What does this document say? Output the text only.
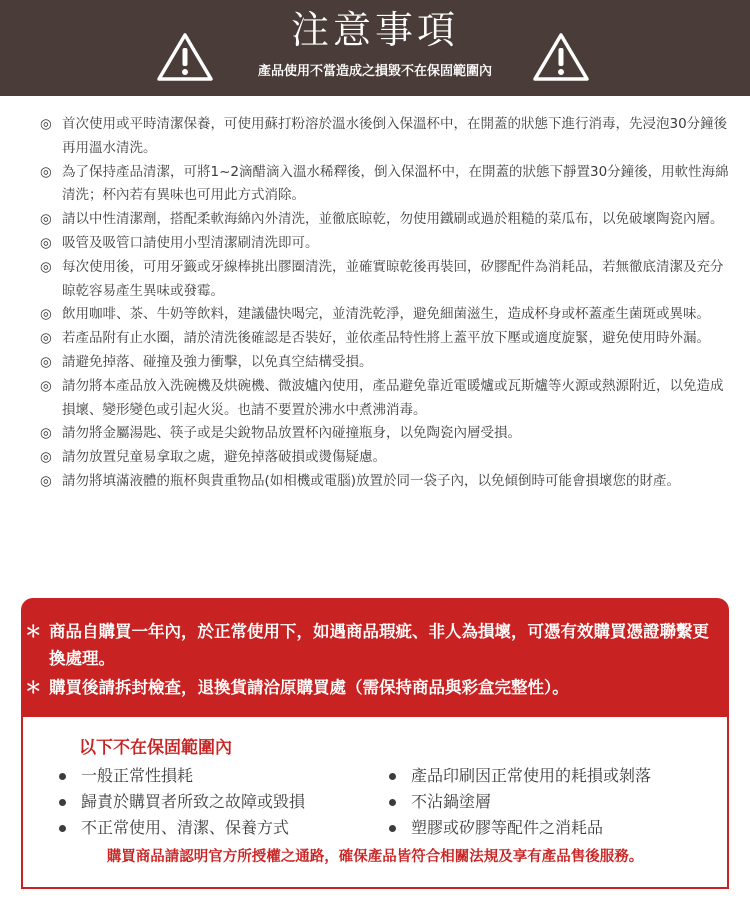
注意事項
產品使用不當造成之損毀不在保固範圍內
◎ 首次使用或平時清潔保養，可使用蘇打粉溶於溫水後倒入保溫杯中，在開蓋的狀態下進行消毒，先浸泡30分鐘後再用溫水清洗。
◎ 為了保持產品清潔，可將1~2滴醋滴入溫水稀釋後，倒入保溫杯中，在開蓋的狀態下靜置30分鐘後，用軟性海綿清洗；杯內若有異味也可用此方式消除。
◎ 請以中性清潔劑，搭配柔軟海綿內外清洗，並徹底晾乾，勿使用鐵刷或過於粗糙的菜瓜布，以免破壞陶瓷內層。
◎ 吸管及吸管口請使用小型清潔刷清洗即可。
◎ 每次使用後，可用牙籤或牙線棒挑出膠圈清洗，並確實晾乾後再裝回，矽膠配件為消耗品，若無徹底清潔及充分晾乾容易產生異味或發霉。
◎ 飲用咖啡、茶、牛奶等飲料，建議儘快喝完，並清洗乾淨，避免細菌滋生，造成杯身或杯蓋產生菌斑或異味。
◎ 若產品附有止水圈，請於清洗後確認是否裝好，並依產品特性將上蓋平放下壓或適度旋緊，避免使用時外漏。
◎ 請避免掉落、碰撞及強力衝擊，以免真空結構受損。
◎ 請勿將本產品放入洗碗機及烘碗機、微波爐內使用，產品避免靠近電暖爐或瓦斯爐等火源或熱源附近，以免造成損壞、變形變色或引起火災。也請不要置於沸水中煮沸消毒。
◎ 請勿將金屬湯匙、筷子或是尖銳物品放置杯內碰撞瓶身，以免陶瓷內層受損。
◎ 請勿放置兒童易拿取之處，避免掉落破損或燙傷疑慮。
◎ 請勿將填滿液體的瓶杯與貴重物品(如相機或電腦)放置於同一袋子內，以免傾倒時可能會損壞您的財產。
＊ 商品自購買一年內，於正常使用下，如遇商品瑕疵、非人為損壞，可憑有效購買憑證聯繫更換處理。
＊ 購買後請拆封檢查，退換貨請洽原購買處（需保持商品與彩盒完整性）。
以下不在保固範圍內
一般正常性損耗
歸責於購買者所致之故障或毀損
不正常使用、清潔、保養方式
產品印刷因正常使用的耗損或剝落
不沾鍋塗層
塑膠或矽膠等配件之消耗品
購買商品請認明官方所授權之通路，確保產品皆符合相關法規及享有產品售後服務。
